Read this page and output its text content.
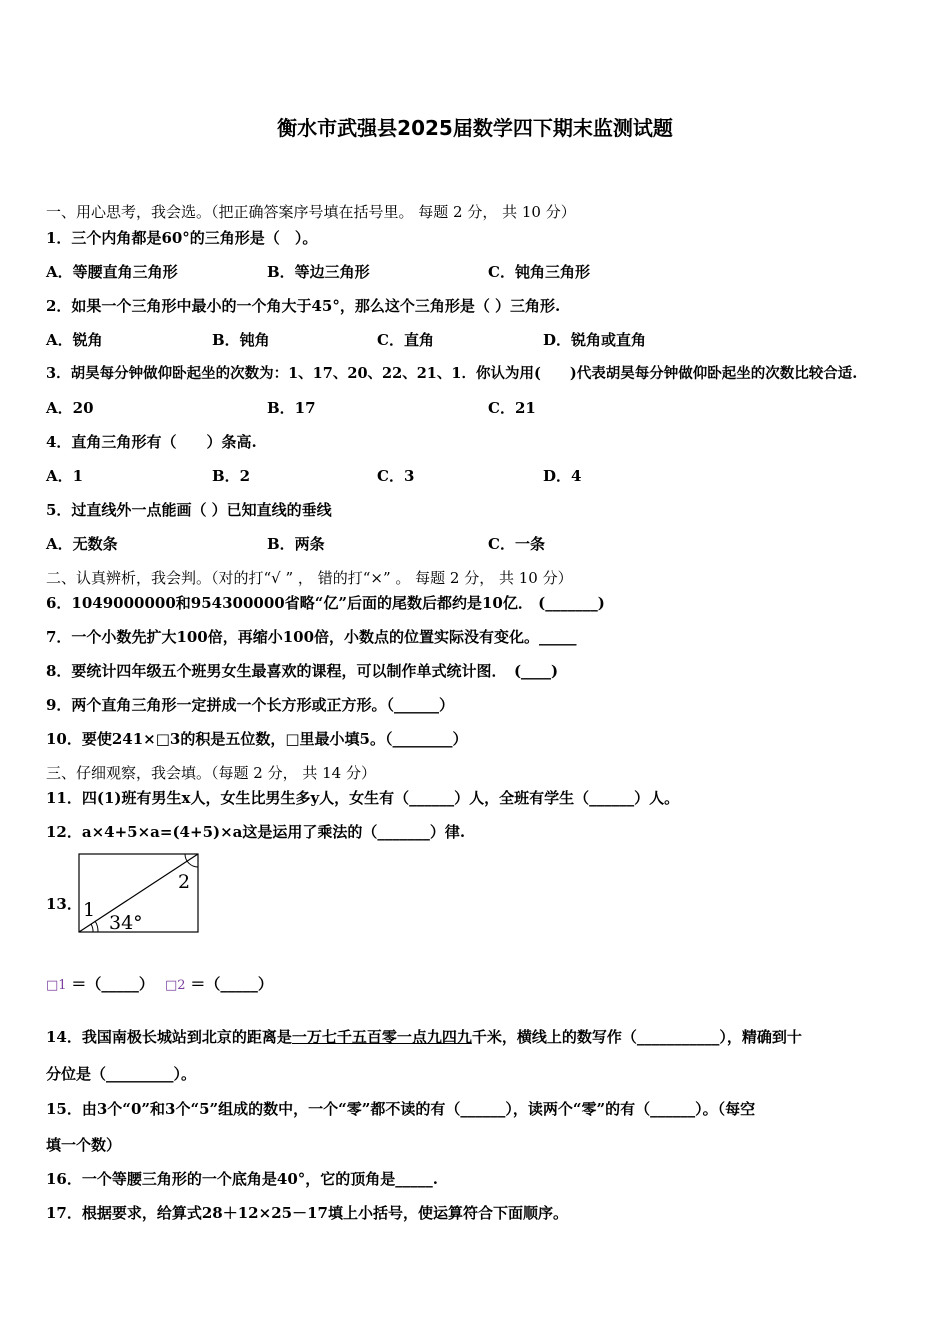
衡水市武强县2025届数学四下期末监测试题
一、用心思考，我会选。（把正确答案序号填在括号里。 每题 2 分， 共 10 分）
1．三个内角都是60°的三角形是（　）。
A．等腰直角三角形	B．等边三角形	C．钝角三角形
2．如果一个三角形中最小的一个角大于45°，那么这个三角形是（ ）三角形.
A．锐角	B．钝角	C．直角	D．锐角或直角
3．胡昊每分钟做仰卧起坐的次数为：1、17、20、22、21、1．你认为用(　　)代表胡昊每分钟做仰卧起坐的次数比较合适.
A．20	B．17	C．21
4．直角三角形有（　　）条高.
A．1	B．2	C．3	D．4
5．过直线外一点能画（ ）已知直线的垂线
A．无数条	B．两条	C．一条
二、认真辨析，我会判。（对的打“√ ” ， 错的打“×” 。 每题 2 分， 共 10 分）
6．1049000000和954300000省略“亿”后面的尾数后都约是10亿． (_______)
7．一个小数先扩大100倍，再缩小100倍，小数点的位置实际没有变化。_____
8．要统计四年级五个班男女生最喜欢的课程，可以制作单式统计图．　(____)
9．两个直角三角形一定拼成一个长方形或正方形。（______）
10．要使241×□3的积是五位数，□里最小填5。（________）
三、仔细观察，我会填。（每题 2 分， 共 14 分）
11．四(1)班有男生x人，女生比男生多y人，女生有（______）人，全班有学生（______）人。
12．a×4+5×a=(4+5)×a这是运用了乘法的（_______）律.
13． 1
2
34°
□1 ＝（_____） □2 ＝（_____）
14．我国南极长城站到北京的距离是一万七千五百零一点九四九千米，横线上的数写作（___________），精确到十
分位是（_________）。
15．由3个“0”和3个“5”组成的数中，一个“零”都不读的有（______），读两个“零”的有（______）。（每空
填一个数）
16．一个等腰三角形的一个底角是40°，它的顶角是_____.
17．根据要求，给算式28＋12×25－17填上小括号，使运算符合下面顺序。
